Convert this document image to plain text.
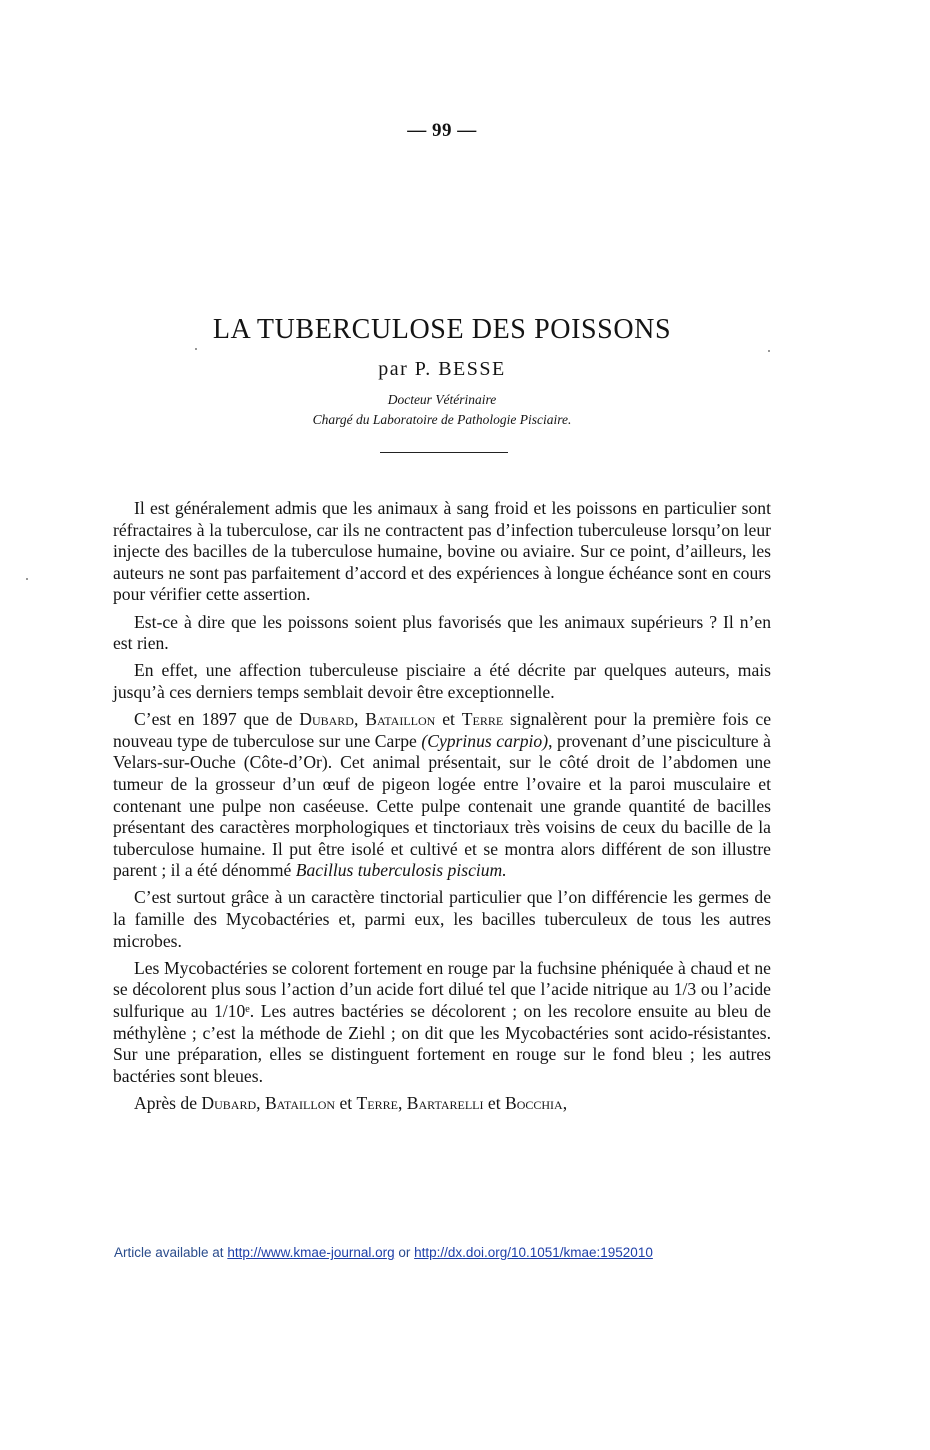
— 99 —
LA TUBERCULOSE DES POISSONS
par P. BESSE
Docteur Vétérinaire
Chargé du Laboratoire de Pathologie Pisciaire.

Il est généralement admis que les animaux à sang froid et les poissons en particulier sont réfractaires à la tuberculose, car ils ne contractent pas d’infection tuberculeuse lorsqu’on leur injecte des bacilles de la tuberculose humaine, bovine ou aviaire. Sur ce point, d’ailleurs, les auteurs ne sont pas parfaitement d’accord et des expériences à longue échéance sont en cours pour vérifier cette assertion.

Est-ce à dire que les poissons soient plus favorisés que les animaux supérieurs ? Il n’en est rien.

En effet, une affection tuberculeuse pisciaire a été décrite par quelques auteurs, mais jusqu’à ces derniers temps semblait devoir être exceptionnelle.

C’est en 1897 que de Dubard, Bataillon et Terre signalèrent pour la première fois ce nouveau type de tuberculose sur une Carpe (Cyprinus carpio), provenant d’une pisciculture à Velars-sur-Ouche (Côte-d’Or). Cet animal présentait, sur le côté droit de l’abdomen une tumeur de la grosseur d’un œuf de pigeon logée entre l’ovaire et la paroi musculaire et contenant une pulpe non caséeuse. Cette pulpe contenait une grande quantité de bacilles présentant des caractères morphologiques et tinctoriaux très voisins de ceux du bacille de la tuberculose humaine. Il put être isolé et cultivé et se montra alors différent de son illustre parent ; il a été dénommé Bacillus tuberculosis piscium.

C’est surtout grâce à un caractère tinctorial particulier que l’on différencie les germes de la famille des Mycobactéries et, parmi eux, les bacilles tuberculeux de tous les autres microbes.

Les Mycobactéries se colorent fortement en rouge par la fuchsine phéniquée à chaud et ne se décolorent plus sous l’action d’un acide fort dilué tel que l’acide nitrique au 1/3 ou l’acide sulfurique au 1/10ᵉ. Les autres bactéries se décolorent ; on les recolore ensuite au bleu de méthylène ; c’est la méthode de Ziehl ; on dit que les Mycobactéries sont acido-résistantes. Sur une préparation, elles se distinguent fortement en rouge sur le fond bleu ; les autres bactéries sont bleues.

Après de Dubard, Bataillon et Terre, Bartarelli et Bocchia,

Article available at http://www.kmae-journal.org or http://dx.doi.org/10.1051/kmae:1952010
